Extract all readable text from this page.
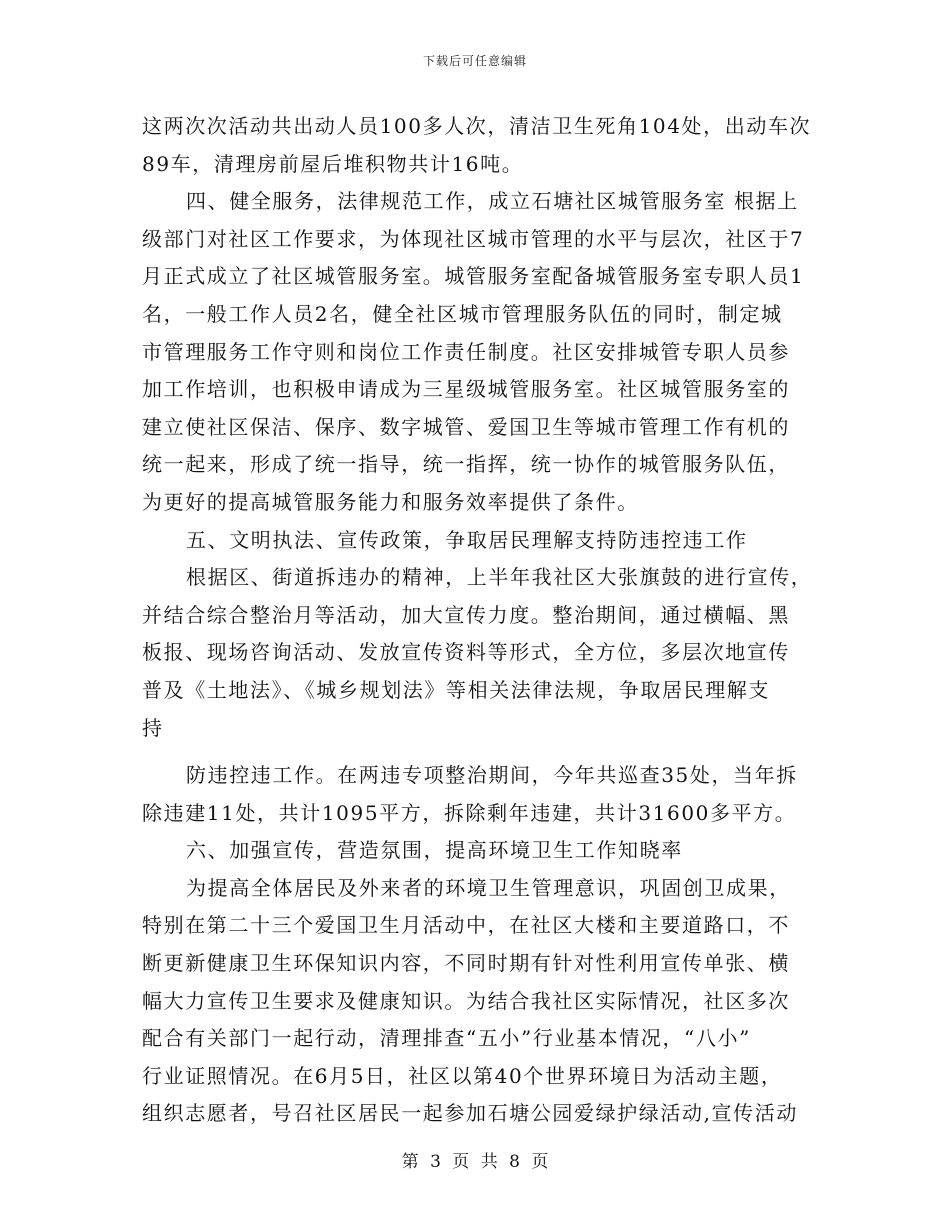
下载后可任意编辑
这两次次活动共出动人员100多人次，清洁卫生死角104处，出动车次
89车，清理房前屋后堆积物共计16吨。
四、健全服务，法律规范工作，成立石塘社区城管服务室 根据上
级部门对社区工作要求，为体现社区城市管理的水平与层次，社区于7
月正式成立了社区城管服务室。城管服务室配备城管服务室专职人员1
名，一般工作人员2名，健全社区城市管理服务队伍的同时，制定城
市管理服务工作守则和岗位工作责任制度。社区安排城管专职人员参
加工作培训，也积极申请成为三星级城管服务室。社区城管服务室的
建立使社区保洁、保序、数字城管、爱国卫生等城市管理工作有机的
统一起来，形成了统一指导，统一指挥，统一协作的城管服务队伍，
为更好的提高城管服务能力和服务效率提供了条件。
五、文明执法、宣传政策，争取居民理解支持防违控违工作
根据区、街道拆违办的精神，上半年我社区大张旗鼓的进行宣传，
并结合综合整治月等活动，加大宣传力度。整治期间，通过横幅、黑
板报、现场咨询活动、发放宣传资料等形式，全方位，多层次地宣传
普及《土地法》、《城乡规划法》等相关法律法规，争取居民理解支
持
防违控违工作。在两违专项整治期间，今年共巡查35处，当年拆
除违建11处，共计1095平方，拆除剩年违建，共计31600多平方。
六、加强宣传，营造氛围，提高环境卫生工作知晓率
为提高全体居民及外来者的环境卫生管理意识，巩固创卫成果，
特别在第二十三个爱国卫生月活动中，在社区大楼和主要道路口，不
断更新健康卫生环保知识内容，不同时期有针对性利用宣传单张、横
幅大力宣传卫生要求及健康知识。为结合我社区实际情况，社区多次
配合有关部门一起行动，清理排查“五小”行业基本情况，“八小”
行业证照情况。在6月5日，社区以第40个世界环境日为活动主题，
组织志愿者，号召社区居民一起参加石塘公园爱绿护绿活动,宣传活动
第 3 页 共 8 页
